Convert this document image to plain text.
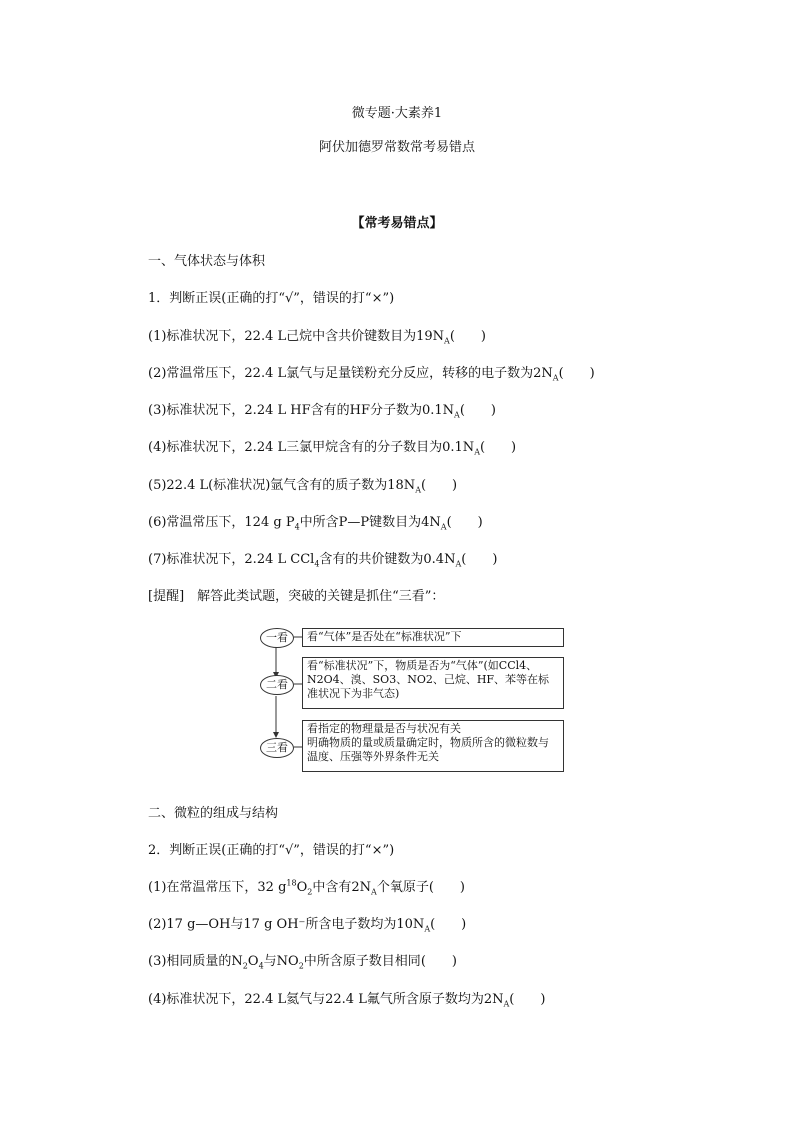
微专题·大素养1
阿伏加德罗常数常考易错点
【常考易错点】
一、气体状态与体积
1．判断正误(正确的打“√”，错误的打“×”)
(1)标准状况下，22.4 L己烷中含共价键数目为$19N_A$(　　)
(2)常温常压下，22.4 L氯气与足量镁粉充分反应，转移的电子数为$2N_A$(　　)
(3)标准状况下，2.24 L HF含有的HF分子数为$0.1N_A$(　　)
(4)标准状况下，2.24 L三氯甲烷含有的分子数目为$0.1N_A$(　　)
(5)22.4 L(标准状况)氩气含有的质子数为$18N_A$(　　)
(6)常温常压下，124 g $P_4$中所含P—P键数目为$4N_A$(　　)
(7)标准状况下，2.24 L CCl$_4$含有的共价键数为$0.4N_A$(　　)
[提醒]　解答此类试题，突破的关键是抓住“三看”：
一看
二看
三看
看“气体”是否处在“标准状况”下
看“标准状况”下，物质是否为“气体”(如CCl4、N2O4、溴、SO3、NO2、己烷、HF、苯等在标准状况下为非气态)
看指定的物理量是否与状况有关
明确物质的量或质量确定时，物质所含的微粒数与温度、压强等外界条件无关
二、微粒的组成与结构
2．判断正误(正确的打“√”，错误的打“×”)
(1)在常温常压下，32 $g^{18}O_2$中含有$2N_A$个氧原子(　　)
(2)17 g—OH与17 g OH⁻所含电子数均为$10N_A$(　　)
(3)相同质量的$N_2O_4$与$NO_2$中所含原子数目相同(　　)
(4)标准状况下，22.4 L氦气与22.4 L氟气所含原子数均为$2N_A$(　　)
